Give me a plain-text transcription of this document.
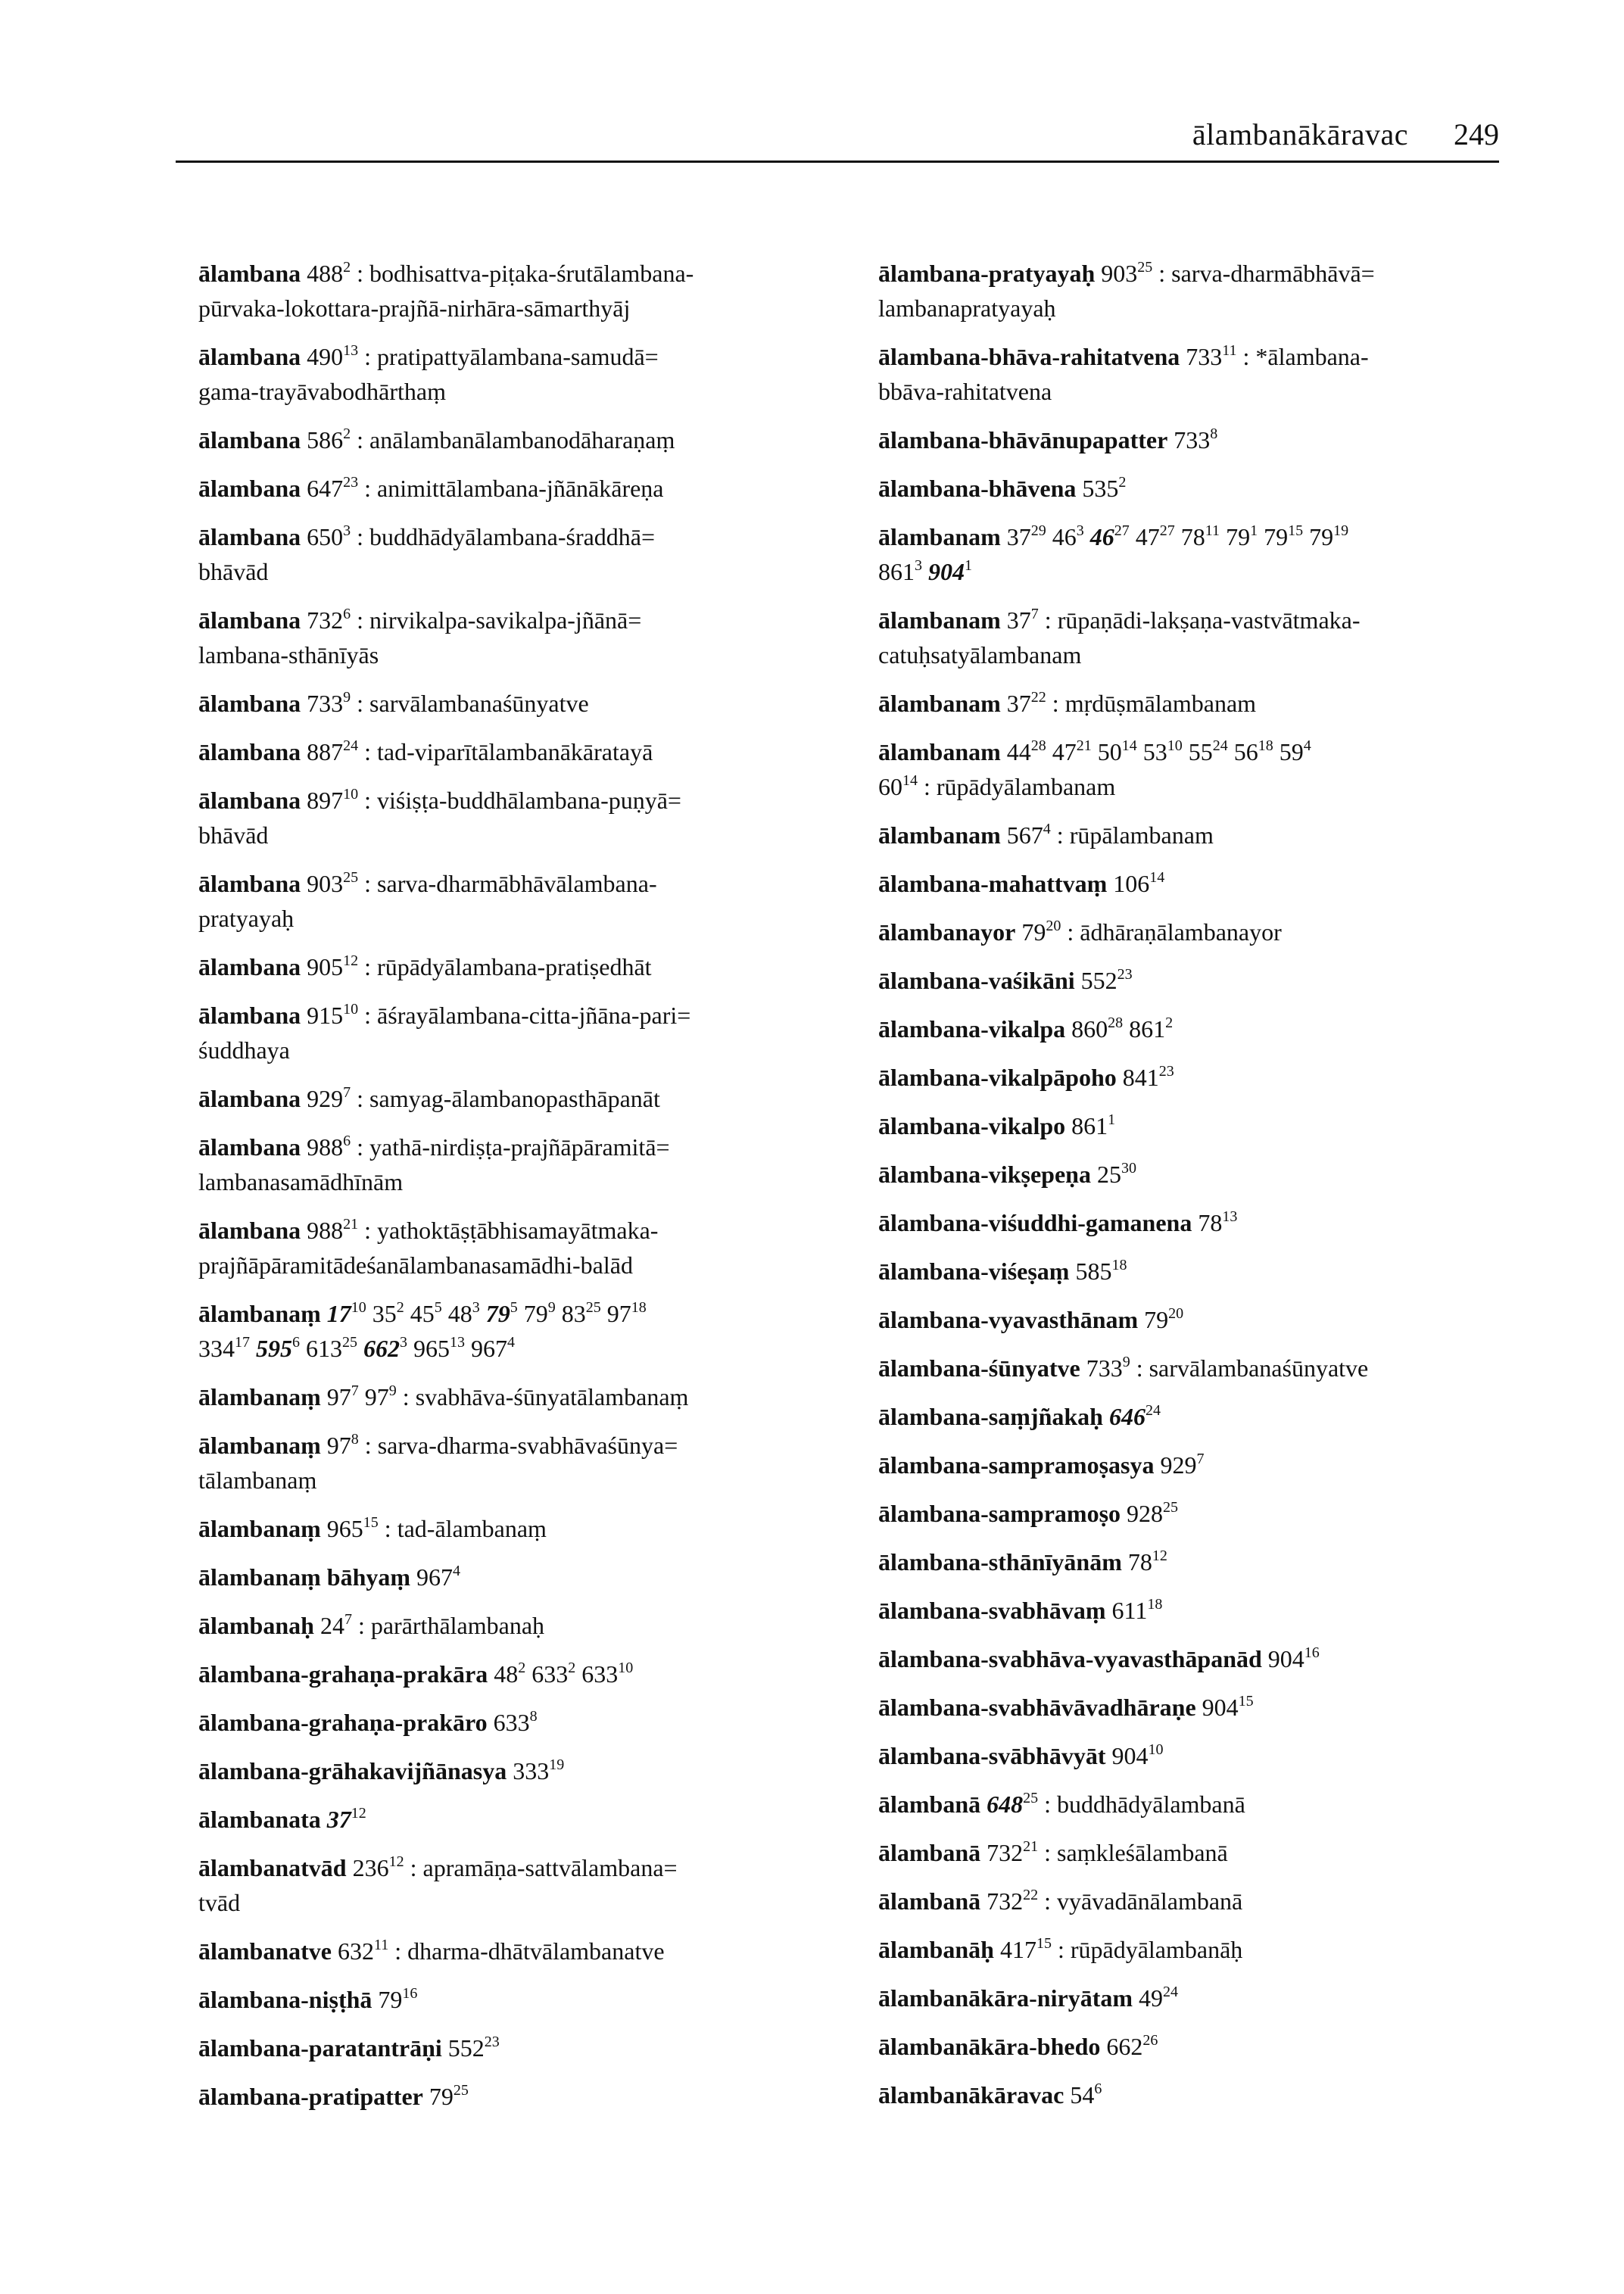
ālambanākāravac 249
ālambana $488^2$ : bodhisattva-piṭaka-śrutālambana-
pūrvaka-lokottara-prajñā-nirhāra-sāmarthyāj
ālambana $490^{13}$ : pratipattyālambana-samudā=
gama-trayāvabodhārthaṃ
ālambana $586^2$ : anālambanālambanodāharaṇaṃ
ālambana $647^{23}$ : animittālambana-jñānākāreṇa
ālambana $650^3$ : buddhādyālambana-śraddhā=
bhāvād
ālambana $732^6$ : nirvikalpa-savikalpa-jñānā=
lambana-sthānīyās
ālambana $733^9$ : sarvālambanaśūnyatve
ālambana $887^{24}$ : tad-viparītālambanākāratayā
ālambana $897^{10}$ : viśiṣṭa-buddhālambana-puṇyā=
bhāvād
ālambana $903^{25}$ : sarva-dharmābhāvālambana-
pratyayaḥ
ālambana $905^{12}$ : rūpādyālambana-pratiṣedhāt
ālambana $915^{10}$ : āśrayālambana-citta-jñāna-pari=
śuddhaya
ālambana $929^7$ : samyag-ālambanopasthāpanāt
ālambana $988^6$ : yathā-nirdiṣṭa-prajñāpāramitā=
lambanasamādhīnām
ālambana $988^{21}$ : yathoktāṣṭābhisamayātmaka-
prajñāpāramitādeśanālambanasamādhi-balād
ālambanaṃ $17^{10}$ $35^2$ $45^5$ $48^3$ $79^5$ $79^9$ $83^{25}$ $97^{18}$
$334^{17}$ $595^6$ $613^{25}$ $662^3$ $965^{13}$ $967^4$
ālambanaṃ $97^7$ $97^9$ : svabhāva-śūnyatālambanaṃ
ālambanaṃ $97^8$ : sarva-dharma-svabhāvaśūnya=
tālambanaṃ
ālambanaṃ $965^{15}$ : tad-ālambanaṃ
ālambanaṃ bāhyaṃ $967^4$
ālambanaḥ $24^7$ : parārthālambanaḥ
ālambana-grahaṇa-prakāra $48^2$ $633^2$ $633^{10}$
ālambana-grahaṇa-prakāro $633^8$
ālambana-grāhakavijñānasya $333^{19}$
ālambanata $37^{12}$
ālambanatvād $236^{12}$ : apramāṇa-sattvālambana=
tvād
ālambanatve $632^{11}$ : dharma-dhātvālambanatve
ālambana-niṣṭhā $79^{16}$
ālambana-paratantrāṇi $552^{23}$
ālambana-pratipatter $79^{25}$
ālambana-pratyayaḥ $903^{25}$ : sarva-dharmābhāvā=
lambanapratyayaḥ
ālambana-bhāva-rahitatvena $733^{11}$ : *ālambana-
bbāva-rahitatvena
ālambana-bhāvānupapatter $733^8$
ālambana-bhāvena $535^2$
ālambanam $37^{29}$ $46^3$ $46^{27}$ $47^{27}$ $78^{11}$ $79^1$ $79^{15}$ $79^{19}$
$861^3$ $904^1$
ālambanam $37^7$ : rūpaṇādi-lakṣaṇa-vastvātmaka-
catuḥsatyālambanam
ālambanam $37^{22}$ : mṛdūṣmālambanam
ālambanam $44^{28}$ $47^{21}$ $50^{14}$ $53^{10}$ $55^{24}$ $56^{18}$ $59^4$
$60^{14}$ : rūpādyālambanam
ālambanam $567^4$ : rūpālambanam
ālambana-mahattvaṃ $106^{14}$
ālambanayor $79^{20}$ : ādhāraṇālambanayor
ālambana-vaśikāni $552^{23}$
ālambana-vikalpa $860^{28}$ $861^2$
ālambana-vikalpāpoho $841^{23}$
ālambana-vikalpo $861^1$
ālambana-vikṣepeṇa $25^{30}$
ālambana-viśuddhi-gamanena $78^{13}$
ālambana-viśeṣaṃ $585^{18}$
ālambana-vyavasthānam $79^{20}$
ālambana-śūnyatve $733^9$ : sarvālambanaśūnyatve
ālambana-saṃjñakaḥ $646^{24}$
ālambana-sampramoṣasya $929^7$
ālambana-sampramoṣo $928^{25}$
ālambana-sthānīyānām $78^{12}$
ālambana-svabhāvaṃ $611^{18}$
ālambana-svabhāva-vyavasthāpanād $904^{16}$
ālambana-svabhāvāvadhāraṇe $904^{15}$
ālambana-svābhāvyāt $904^{10}$
ālambanā $648^{25}$ : buddhādyālambanā
ālambanā $732^{21}$ : saṃkleśālambanā
ālambanā $732^{22}$ : vyāvadānālambanā
ālambanāḥ $417^{15}$ : rūpādyālambanāḥ
ālambanākāra-niryātam $49^{24}$
ālambanākāra-bhedo $662^{26}$
ālambanākāravac $54^6$
